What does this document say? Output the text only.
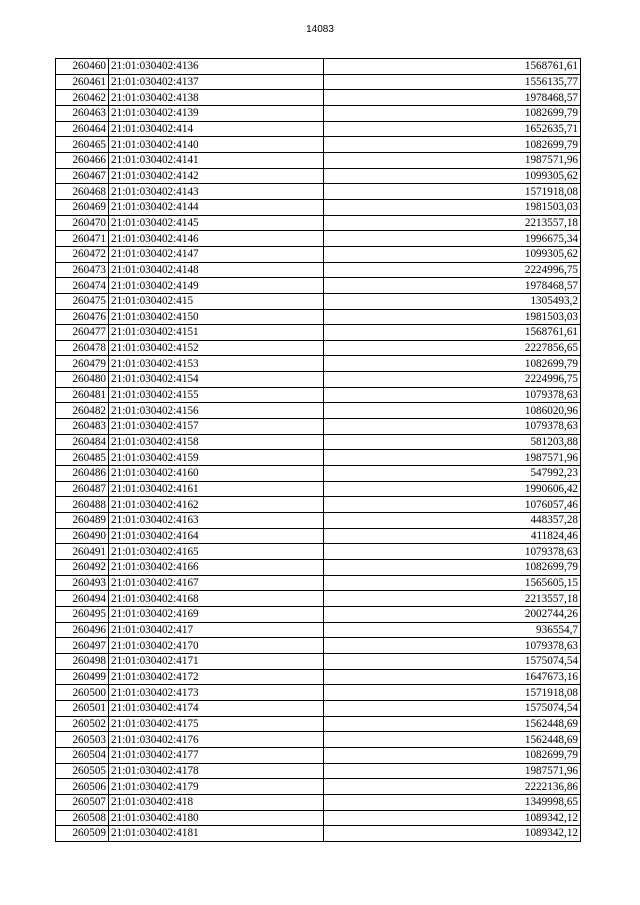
14083
260460	21:01:030402:4136	1568761,61
260461	21:01:030402:4137	1556135,77
260462	21:01:030402:4138	1978468,57
260463	21:01:030402:4139	1082699,79
260464	21:01:030402:414	1652635,71
260465	21:01:030402:4140	1082699,79
260466	21:01:030402:4141	1987571,96
260467	21:01:030402:4142	1099305,62
260468	21:01:030402:4143	1571918,08
260469	21:01:030402:4144	1981503,03
260470	21:01:030402:4145	2213557,18
260471	21:01:030402:4146	1996675,34
260472	21:01:030402:4147	1099305,62
260473	21:01:030402:4148	2224996,75
260474	21:01:030402:4149	1978468,57
260475	21:01:030402:415	1305493,2
260476	21:01:030402:4150	1981503,03
260477	21:01:030402:4151	1568761,61
260478	21:01:030402:4152	2227856,65
260479	21:01:030402:4153	1082699,79
260480	21:01:030402:4154	2224996,75
260481	21:01:030402:4155	1079378,63
260482	21:01:030402:4156	1086020,96
260483	21:01:030402:4157	1079378,63
260484	21:01:030402:4158	581203,88
260485	21:01:030402:4159	1987571,96
260486	21:01:030402:4160	547992,23
260487	21:01:030402:4161	1990606,42
260488	21:01:030402:4162	1076057,46
260489	21:01:030402:4163	448357,28
260490	21:01:030402:4164	411824,46
260491	21:01:030402:4165	1079378,63
260492	21:01:030402:4166	1082699,79
260493	21:01:030402:4167	1565605,15
260494	21:01:030402:4168	2213557,18
260495	21:01:030402:4169	2002744,26
260496	21:01:030402:417	936554,7
260497	21:01:030402:4170	1079378,63
260498	21:01:030402:4171	1575074,54
260499	21:01:030402:4172	1647673,16
260500	21:01:030402:4173	1571918,08
260501	21:01:030402:4174	1575074,54
260502	21:01:030402:4175	1562448,69
260503	21:01:030402:4176	1562448,69
260504	21:01:030402:4177	1082699,79
260505	21:01:030402:4178	1987571,96
260506	21:01:030402:4179	2222136,86
260507	21:01:030402:418	1349998,65
260508	21:01:030402:4180	1089342,12
260509	21:01:030402:4181	1089342,12
